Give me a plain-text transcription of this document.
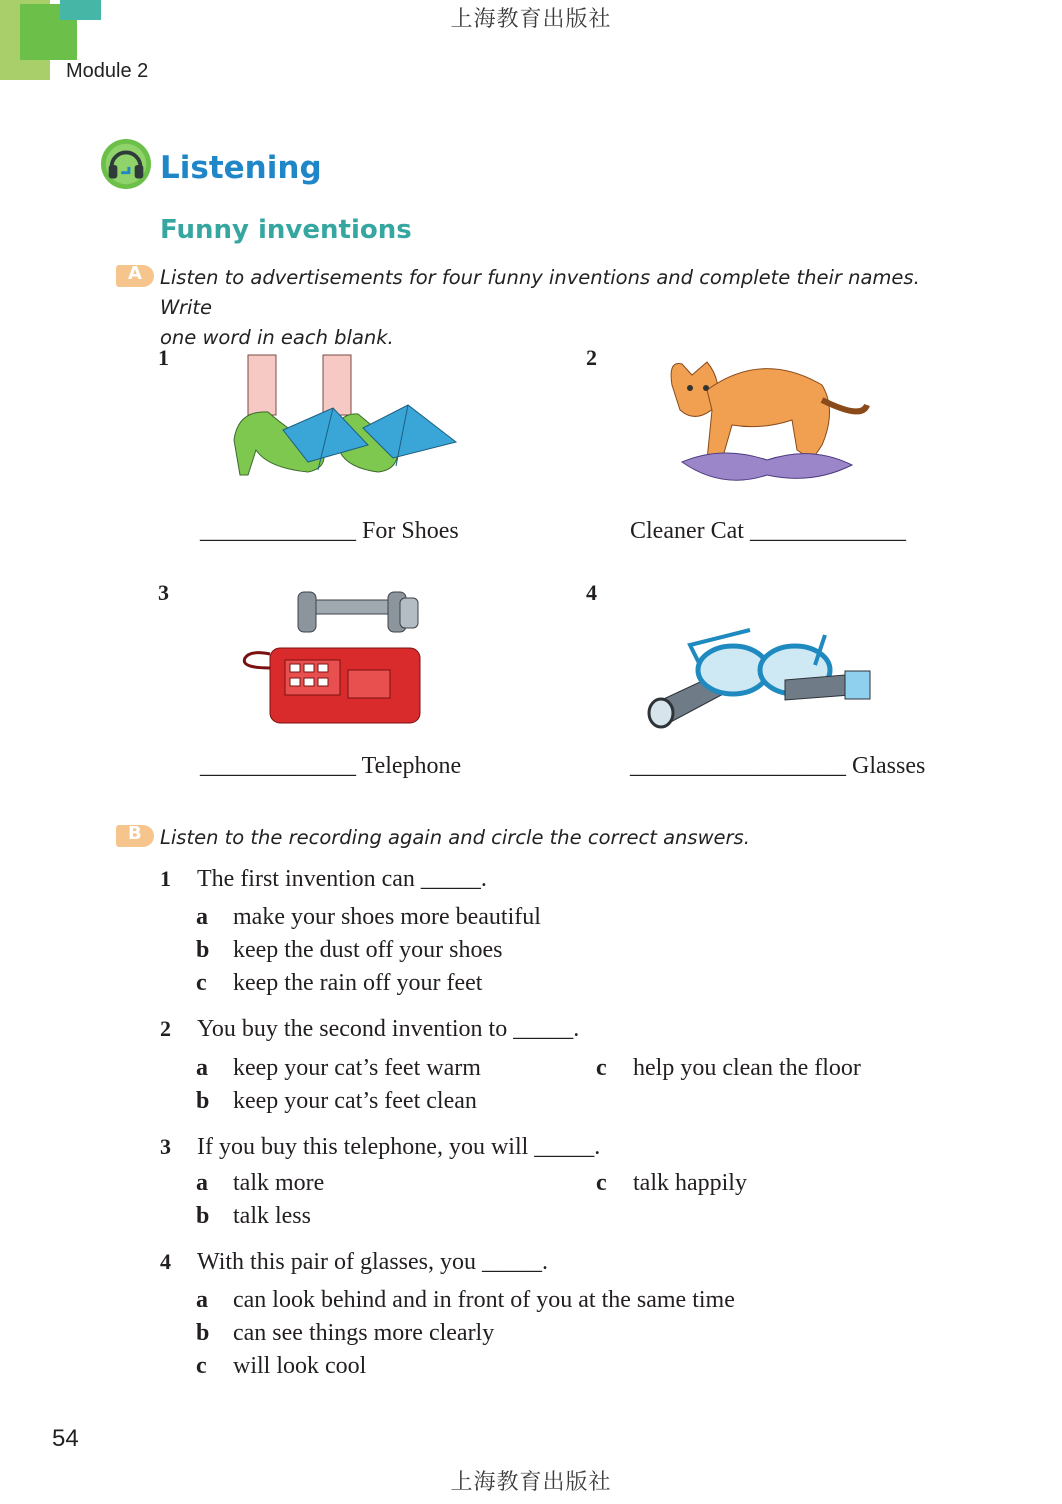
上海教育出版社
Module 2
Listening
Funny inventions
A Listen to advertisements for four funny inventions and complete their names. Write
one word in each blank.
1
_____________ For Shoes
2
Cleaner Cat _____________
3
_____________ Telephone
4
__________________ Glasses
B Listen to the recording again and circle the correct answers.
1 The first invention can _____.
a make your shoes more beautiful
b keep the dust off your shoes
c keep the rain off your feet
2 You buy the second invention to _____.
a keep your cat’s feet warm
b keep your cat’s feet clean
c help you clean the floor
3 If you buy this telephone, you will _____.
a talk more
b talk less
c talk happily
4 With this pair of glasses, you _____.
a can look behind and in front of you at the same time
b can see things more clearly
c will look cool
54
上海教育出版社
